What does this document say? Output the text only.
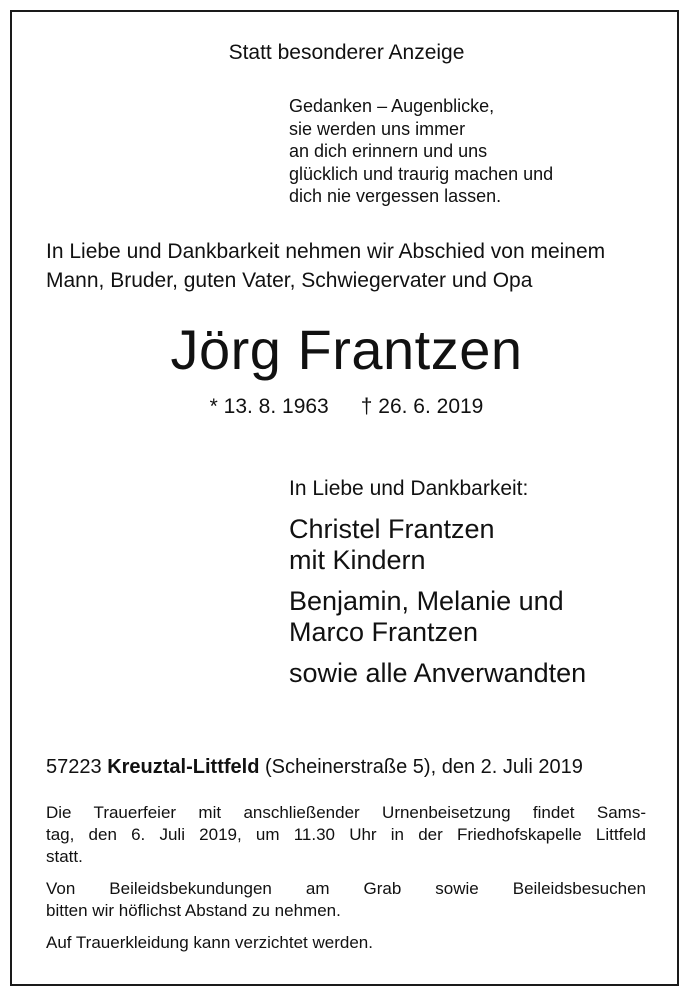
Statt besonderer Anzeige
Gedanken – Augenblicke,
sie werden uns immer
an dich erinnern und uns
glücklich und traurig machen und
dich nie vergessen lassen.
In Liebe und Dankbarkeit nehmen wir Abschied von meinem
Mann, Bruder, guten Vater, Schwiegervater und Opa
Jörg Frantzen
* 13. 8. 1963 † 26. 6. 2019
In Liebe und Dankbarkeit:
Christel Frantzen
mit Kindern
Benjamin, Melanie und
Marco Frantzen
sowie alle Anverwandten
57223 Kreuztal-Littfeld (Scheinerstraße 5), den 2. Juli 2019

Die Trauerfeier mit anschließender Urnenbeisetzung findet Sams-
tag, den 6. Juli 2019, um 11.30 Uhr in der Friedhofskapelle Littfeld
statt.

Von Beileidsbekundungen am Grab sowie Beileidsbesuchen
bitten wir höflichst Abstand zu nehmen.

Auf Trauerkleidung kann verzichtet werden.
